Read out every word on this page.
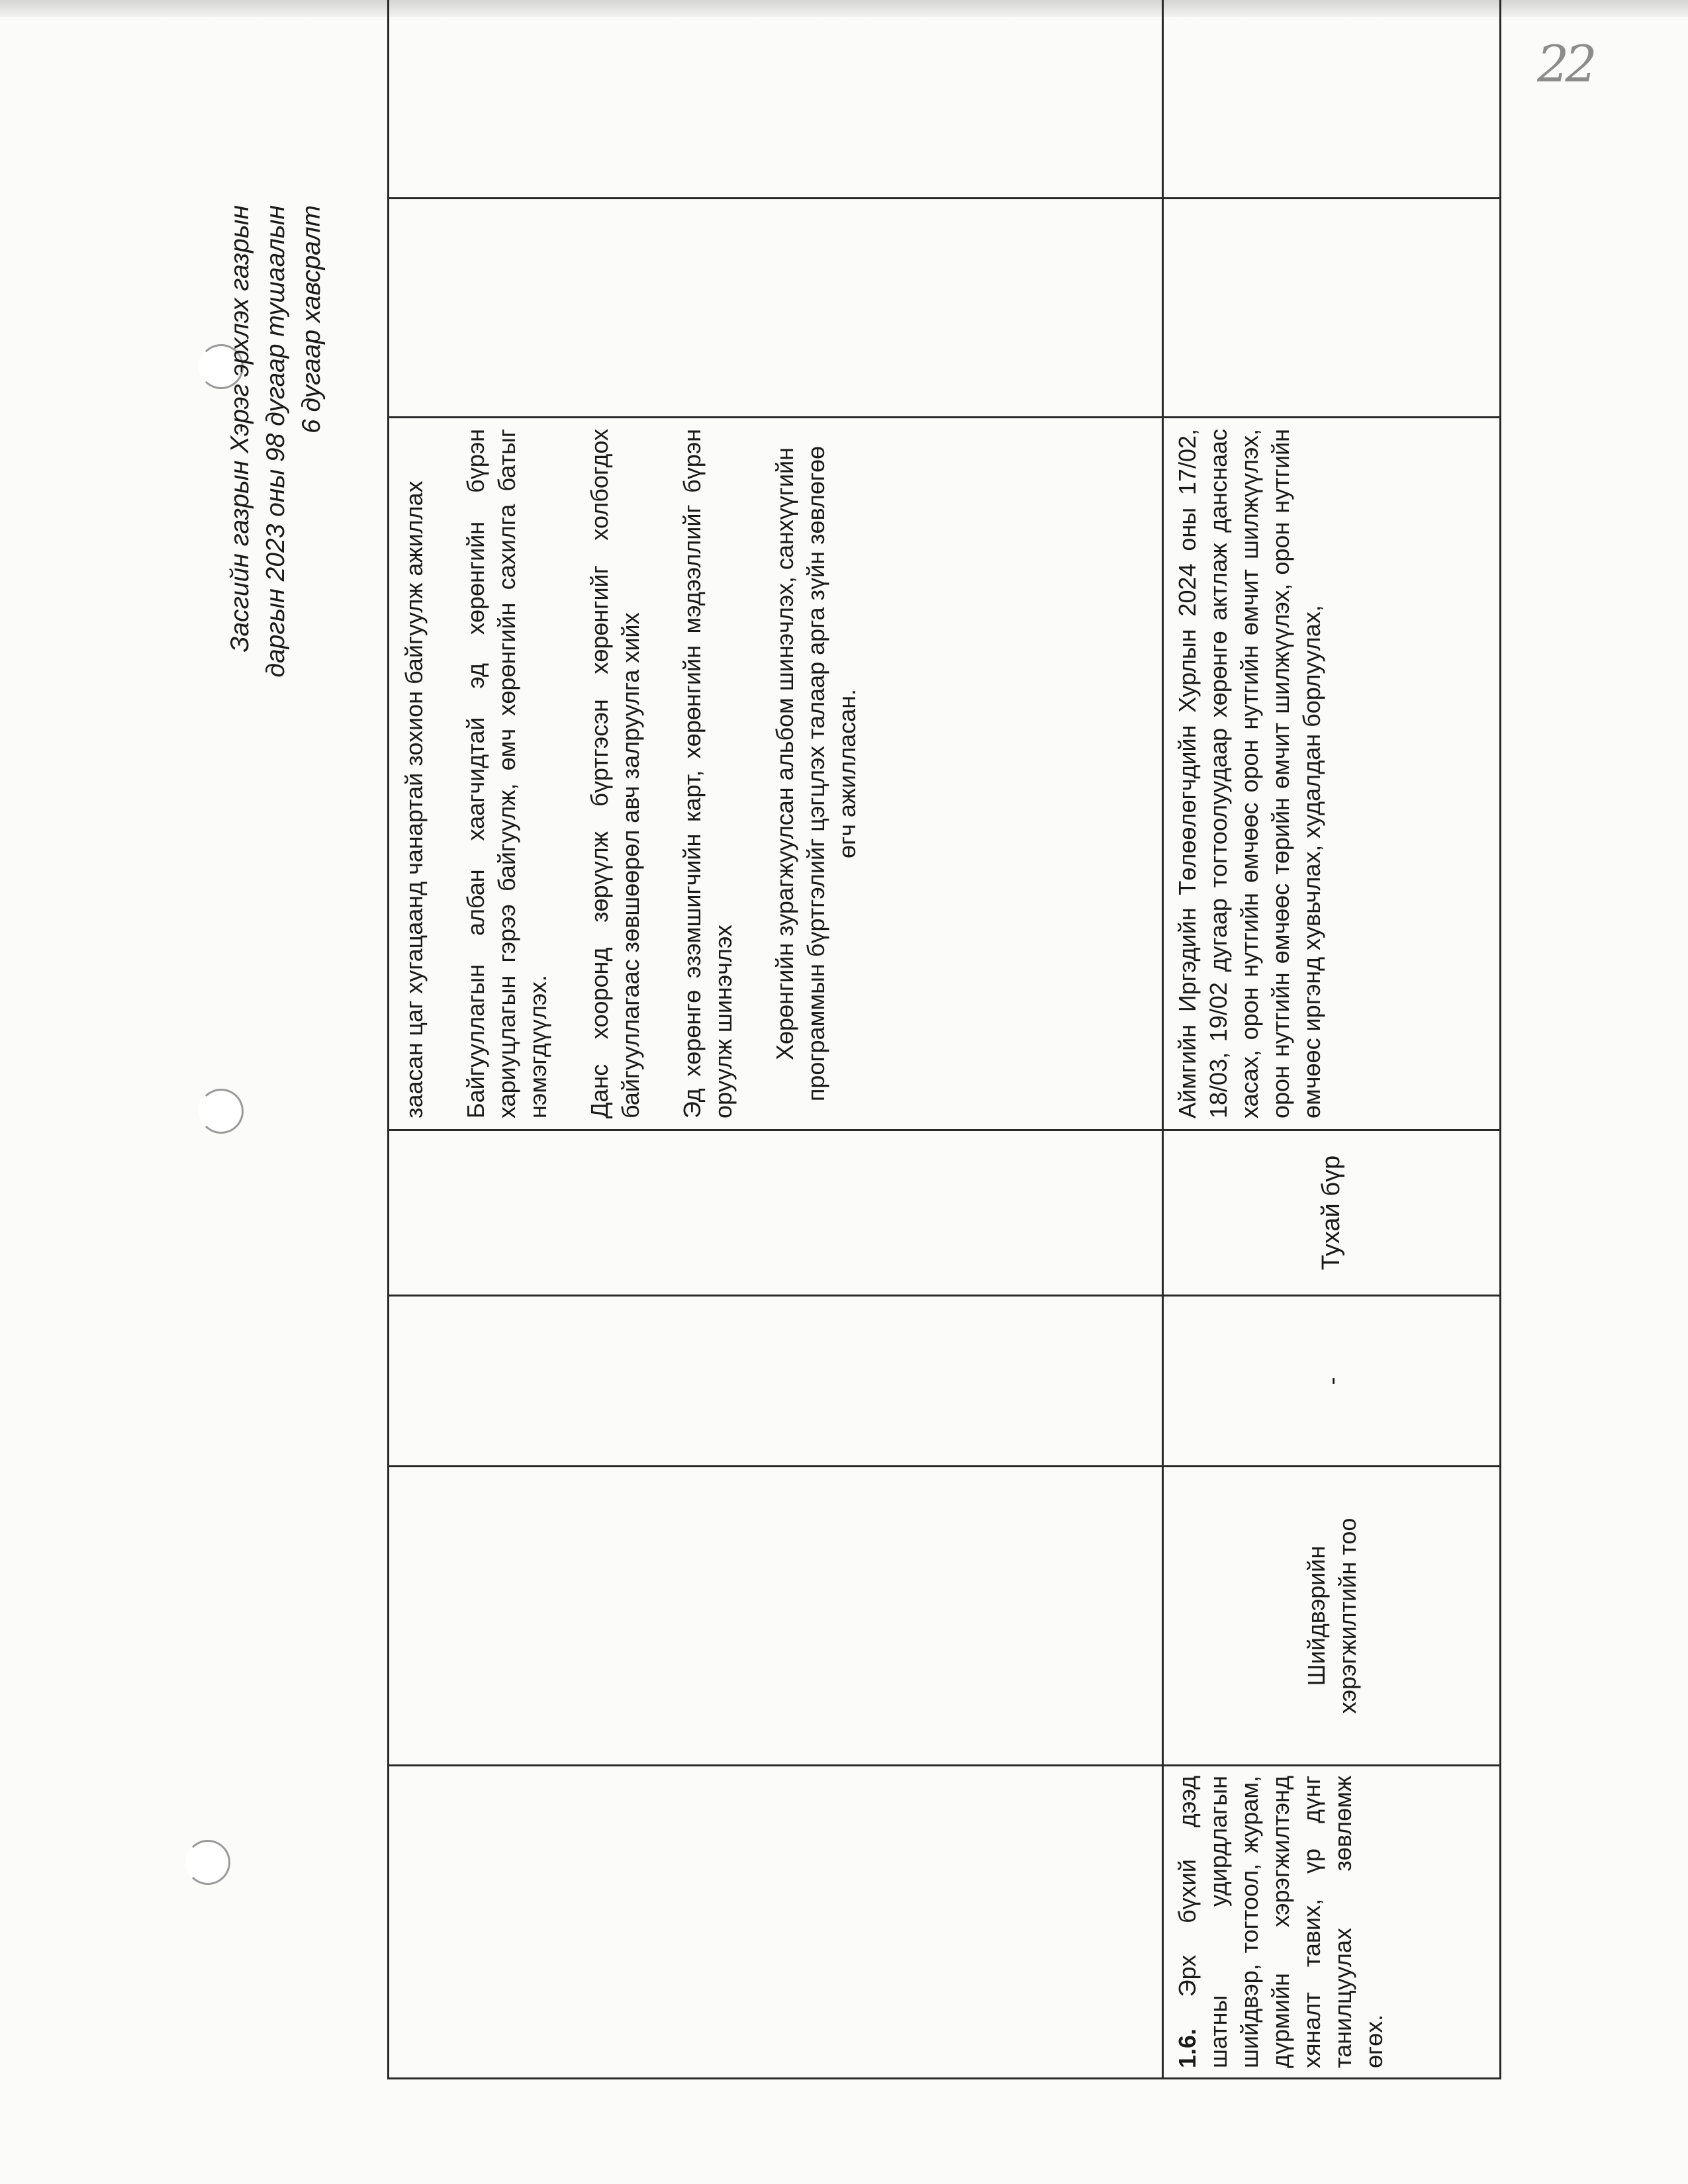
22
Засгийн газрын Хэрэг эрхлэх газрын даргын 2023 оны 98 дугаар тушаалын 6 дугаар хавсралт

				заасан цаг хугацаанд чанартай зохион байгуулж ажиллах Байгууллагын албан хаагчидтай эд хөрөнгийн бүрэн хариуцлагын гэрээ байгуулж, өмч хөрөнгийн сахилга батыг нэмэгдүүлэх. Данс хооронд зөрүүлж бүртгэсэн хөрөнгийг холбогдох байгууллагаас зөвшөөрөл авч залруулга хийх Эд хөрөнгө эзэмшигчийн карт, хөрөнгийн мэдээллийг бүрэн оруулж шинэчлэх Хөрөнгийн зурагжуулсан альбом шинэчлэх, санхүүгийн программын бүртгэлийг цэгцлэх талаар арга зүйн зөвлөгөө өгч ажилласан.		

1.6. Эрх бүхий дээд шатны удирдлагын шийдвэр, тогтоол, журам, дүрмийн хэрэгжилтэнд хяналт тавих, үр дүнг танилцуулах зөвлөмж өгөх.	Шийдвэрийн хэрэгжилтийн тоо	-	Тухай бүр	Аймгийн Иргэдийн Төлөөлөгчдийн Хурлын 2024 оны 17/02, 18/03, 19/02 дугаар тогтоолуудаар хөрөнгө актлаж данснаас хасах, орон нутгийн өмчөөс орон нутгийн өмчит шилжүүлэх, орон нутгийн өмчөөс төрийн өмчит шилжүүлэх, орон нутгийн өмчөөс иргэнд хувьчлах, худалдан борлуулах,		
